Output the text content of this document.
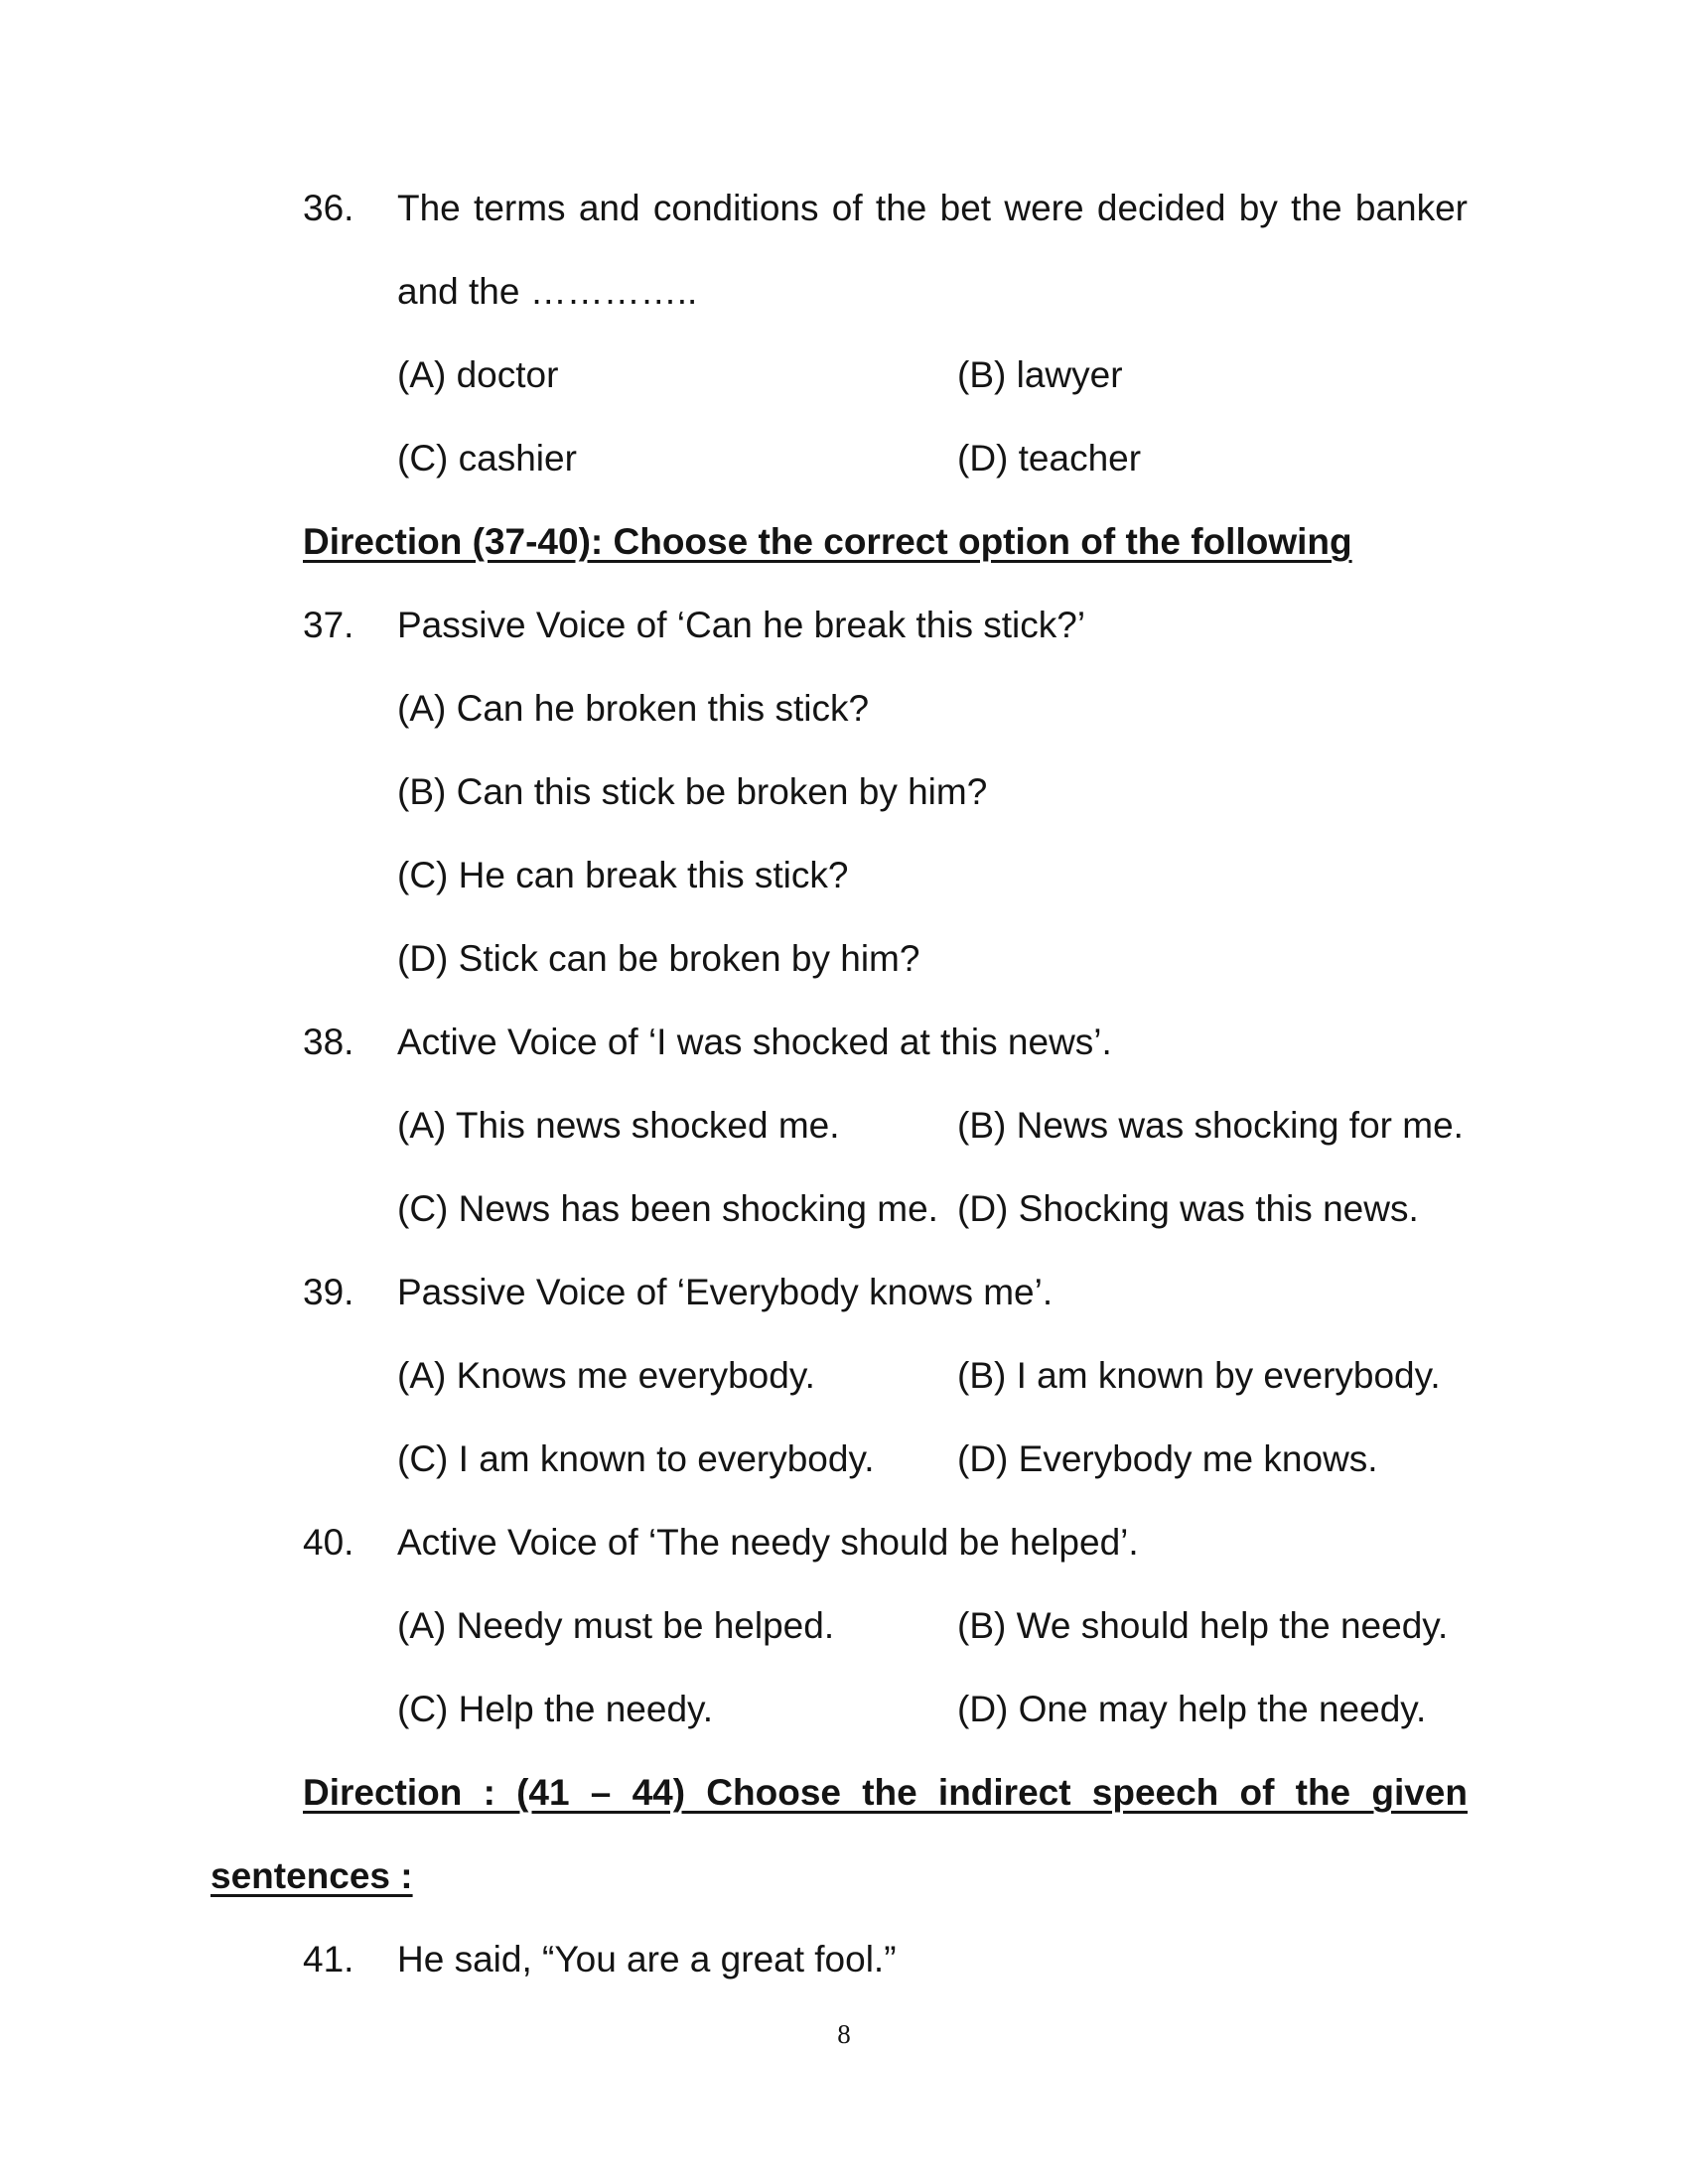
36. The terms and conditions of the bet were decided by the banker
and the …………..
(A) doctor	(B) lawyer
(C) cashier	(D) teacher
Direction (37-40): Choose the correct option of the following
37. Passive Voice of ‘Can he break this stick?’
(A) Can he broken this stick?
(B) Can this stick be broken by him?
(C) He can break this stick?
(D) Stick can be broken by him?
38. Active Voice of ‘I was shocked at this news’.
(A) This news shocked me.	(B) News was shocking for me.
(C) News has been shocking me. (D) Shocking was this news.
39. Passive Voice of ‘Everybody knows me’.
(A) Knows me everybody.	(B) I am known by everybody.
(C) I am known to everybody. (D) Everybody me knows.
40. Active Voice of ‘The needy should be helped’.
(A) Needy must be helped.	(B) We should help the needy.
(C) Help the needy.	(D) One may help the needy.
Direction : (41 – 44) Choose the indirect speech of the given
sentences :
41. He said, “You are a great fool.”
8
